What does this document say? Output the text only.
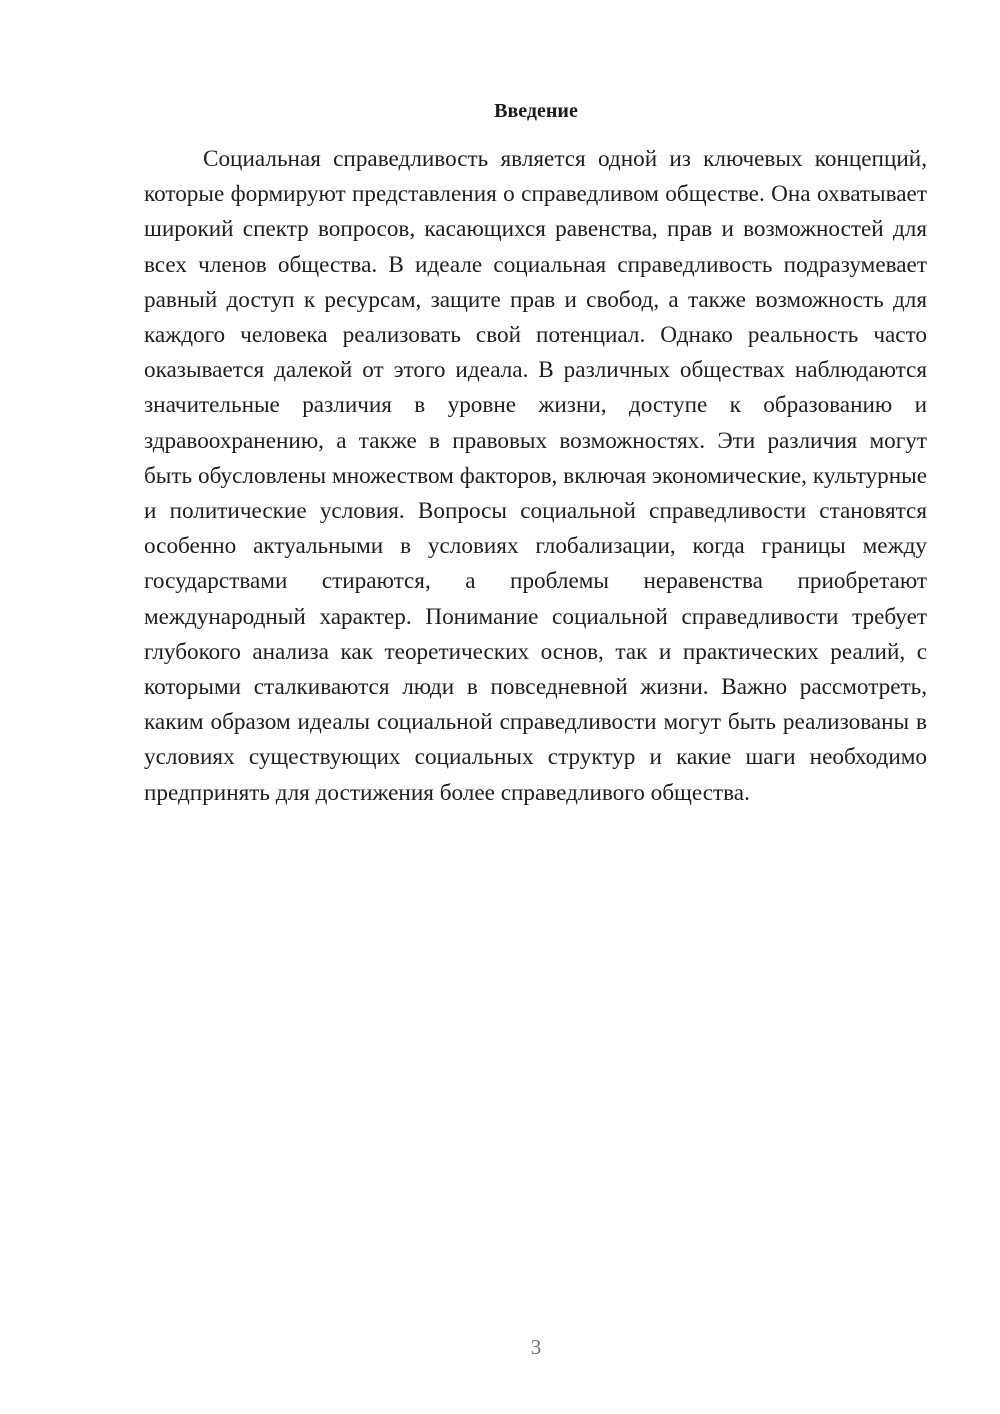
Введение

Социальная справедливость является одной из ключевых концепций, которые формируют представления о справедливом обществе. Она охватывает широкий спектр вопросов, касающихся равенства, прав и возможностей для всех членов общества. В идеале социальная справедливость подразумевает равный доступ к ресурсам, защите прав и свобод, а также возможность для каждого человека реализовать свой потенциал. Однако реальность часто оказывается далекой от этого идеала. В различных обществах наблюдаются значительные различия в уровне жизни, доступе к образованию и здравоохранению, а также в правовых возможностях. Эти различия могут быть обусловлены множеством факторов, включая экономические, культурные и политические условия. Вопросы социальной справедливости становятся особенно актуальными в условиях глобализации, когда границы между государствами стираются, а проблемы неравенства приобретают международный характер. Понимание социальной справедливости требует глубокого анализа как теоретических основ, так и практических реалий, с которыми сталкиваются люди в повседневной жизни. Важно рассмотреть, каким образом идеалы социальной справедливости могут быть реализованы в условиях существующих социальных структур и какие шаги необходимо предпринять для достижения более справедливого общества.

3
